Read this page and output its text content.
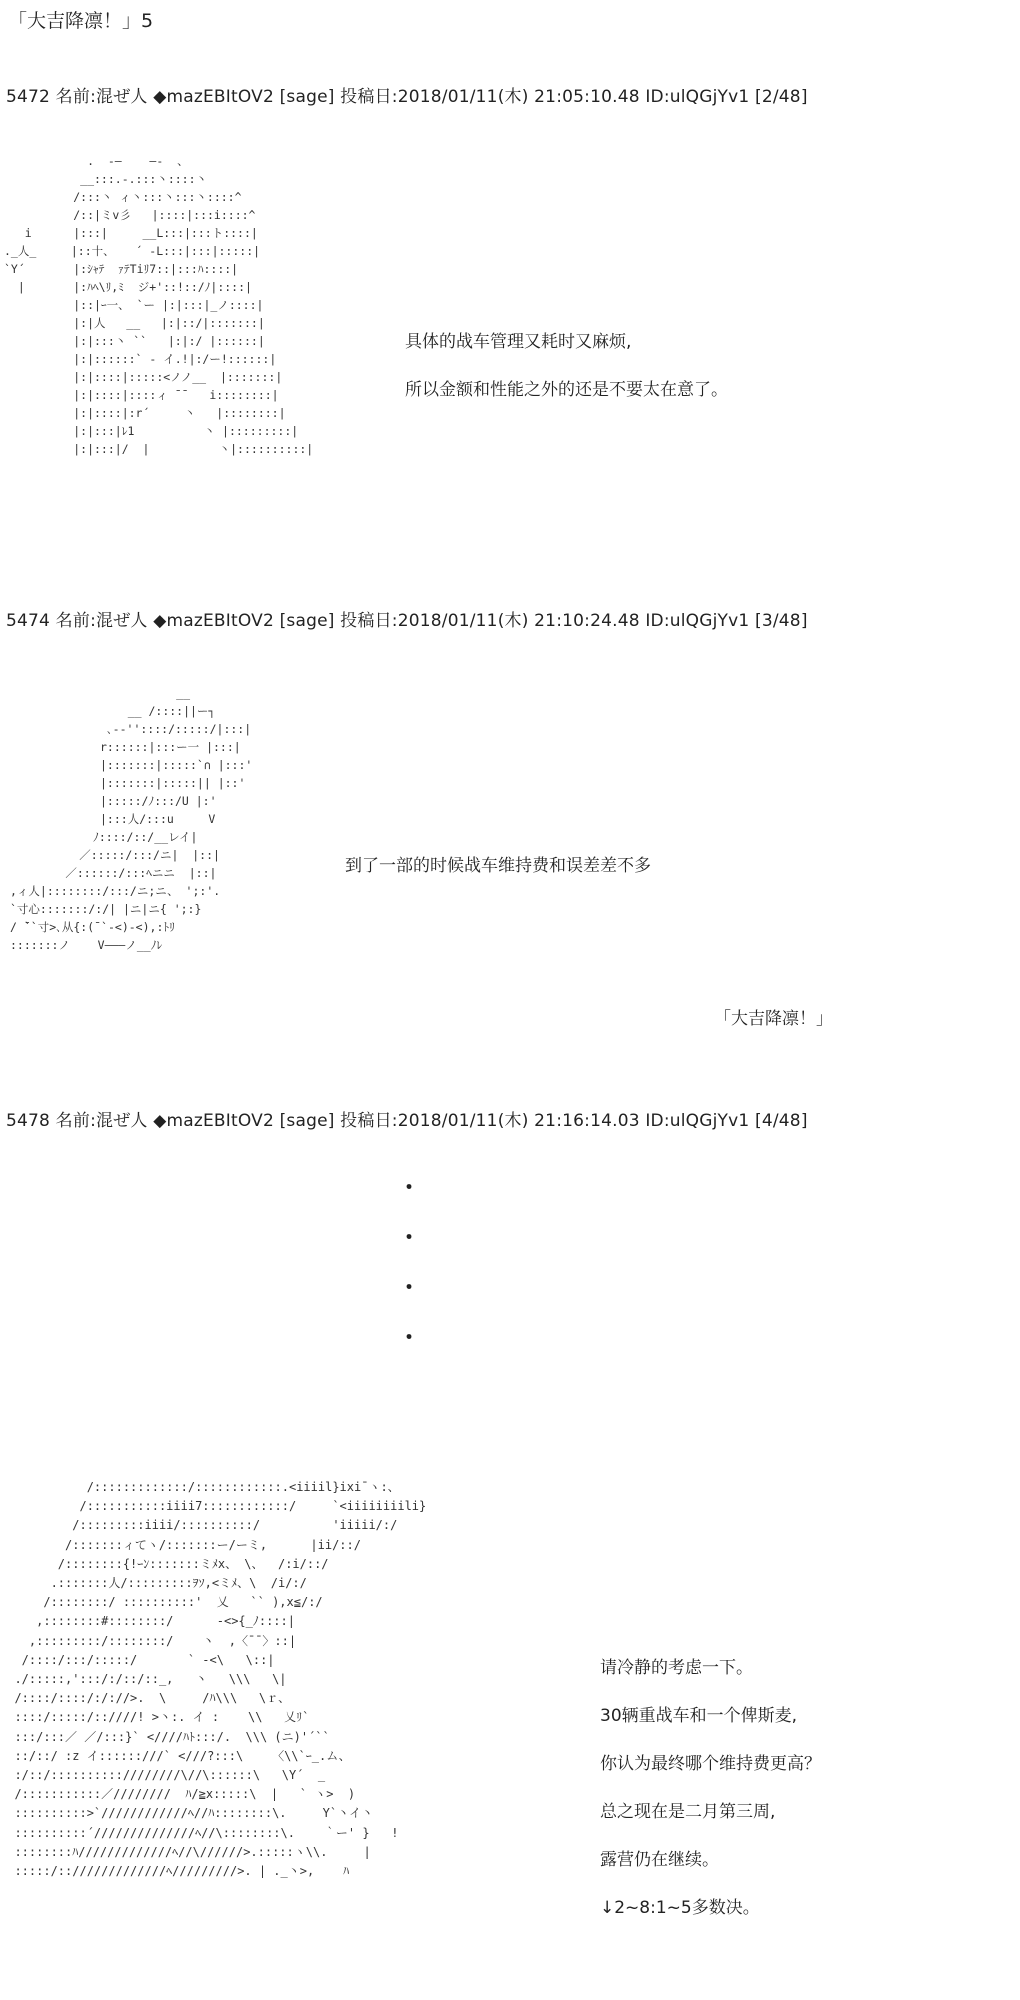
「大吉降凛！」5
5472 名前:混ぜ人 ◆mazEBItOV2 [sage] 投稿日:2018/01/11(木) 21:05:10.48 ID:ulQGjYv1 [2/48]
.  -―    ―-  、
__:::.-.:::丶::::丶
/:::丶 ィ丶:::丶:::丶::::^
/::|ミv彡   |::::|:::i::::^
i      |:::|     __L:::|:::ト::::|
._人_     |::十、   ´ ‐L:::|:::|:::::|
`Y´       |:ｼｬﾃ  ｧﾃTiﾘ7::|:::ﾊ::::|
|       |:ﾊﾍ\ﾘ,ﾐ  ジ+'::!::/ﾉ|::::|
|::|ｰ一、 `ー |:|:::|_ノ::::|
|:|人   __   |:|::/|:::::::|
|:|:::丶 ``   |:|:/ |::::::|
|:|::::::` - イ.!|:/ー!::::::|
|:|::::|:::::<ノノ__  |:::::::|
|:|::::|::::ィ ̄ ̄    i::::::::|
|:|::::|:r´     丶   |::::::::|
|:|:::|ﾚ1          丶 |:::::::::|
|:|:::|/  |          丶|::::::::::|

具体的战车管理又耗时又麻烦,

所以金额和性能之外的还是不要太在意了。

5474 名前:混ぜ人 ◆mazEBItOV2 [sage] 投稿日:2018/01/11(木) 21:10:24.48 ID:ulQGjYv1 [3/48]
__
__ /::::||ー┐
､-‐''::::/:::::/|:::|
r::::::|:::ー一 |:::|
|:::::::|:::::`∩ |:::'
|:::::::|:::::|| |::'
|:::::/ﾉ:::/U |:'
|:::人/:::u     V
ﾉ::::/::/__レイ|
／:::::/:::/ニ|  |::|
／::::::/:::ﾍニニ  |::|
,ィ人|::::::::/:::/ニ;ニ、 ';:'.
`寸心:::::::/:/| |ニ|ニ{ ';:}
/ ̄``寸>､从{:(¯`-<)-<),:ﾄﾘ
:::::::ノ    V―――ノ__ﾉﾚ

到了一部的时候战车维持费和误差差不多

「大吉降凛！」
5478 名前:混ぜ人 ◆mazEBItOV2 [sage] 投稿日:2018/01/11(木) 21:16:14.03 ID:ulQGjYv1 [4/48]
・
・
・
・
/:::::::::::::/::::::::::::.<iiiil}ixi¯ヽ:、
/:::::::::::iiii7::::::::::::/     `<iiiiiiiili}
/:::::::::iiii/::::::::::/          'iiiii/:/
/:::::::ィてヽ/:::::::ー/ーミ,      |ii/::/
/::::::::{!ｰﾝ:::::::ミﾒx、 \、  /:i/::/
.:::::::人/:::::::::ｦｿ,<ミﾒ、\  /i/:/
/::::::::/ ::::::::::'  乂   `` ),x≦/:/
,::::::::#::::::::/      ‐<>{_ﾉ::::|
,:::::::::/::::::::/    丶  ,〈¯¯〉::|
/::::/:::/:::::/       ` ‐<\   \::|
./:::::,':::/:/::/::_,   丶   \\\   \|
/::::/::::/:/://>.  \     /ﾊ\\\   \ｒ、
::::/:::::/::////! >丶:. イ :    \\   乂ﾘ`
:::/:::／ ／/:::}` <////ﾊﾄ:::/.  \\\ (ニ)'´``
::/::/ :z イ::::::///` <///?:::\    〈\\`ｰ_.ム、
:/::/::::::::::////////\//\::::::\   \Y´  _
/:::::::::::／////////  ﾊ/≧x:::::\  |   ` ヽ>  )
::::::::::>`////////////ﾍ//ﾊ::::::::\.     Y`丶イ丶
::::::::::´//////////////ﾍ//\::::::::\.    ｀ー' }   !
::::::::ﾊ/////////////ﾍ//\//////>.:::::ヽ\\.     |
:::::/:://///////////ﾍ/////////>. | ._丶>,    ﾊ

请冷静的考虑一下。

30辆重战车和一个俾斯麦,

你认为最终哪个维持费更高？

总之现在是二月第三周,

露营仍在继续。

↓2~8:1~5多数决。
